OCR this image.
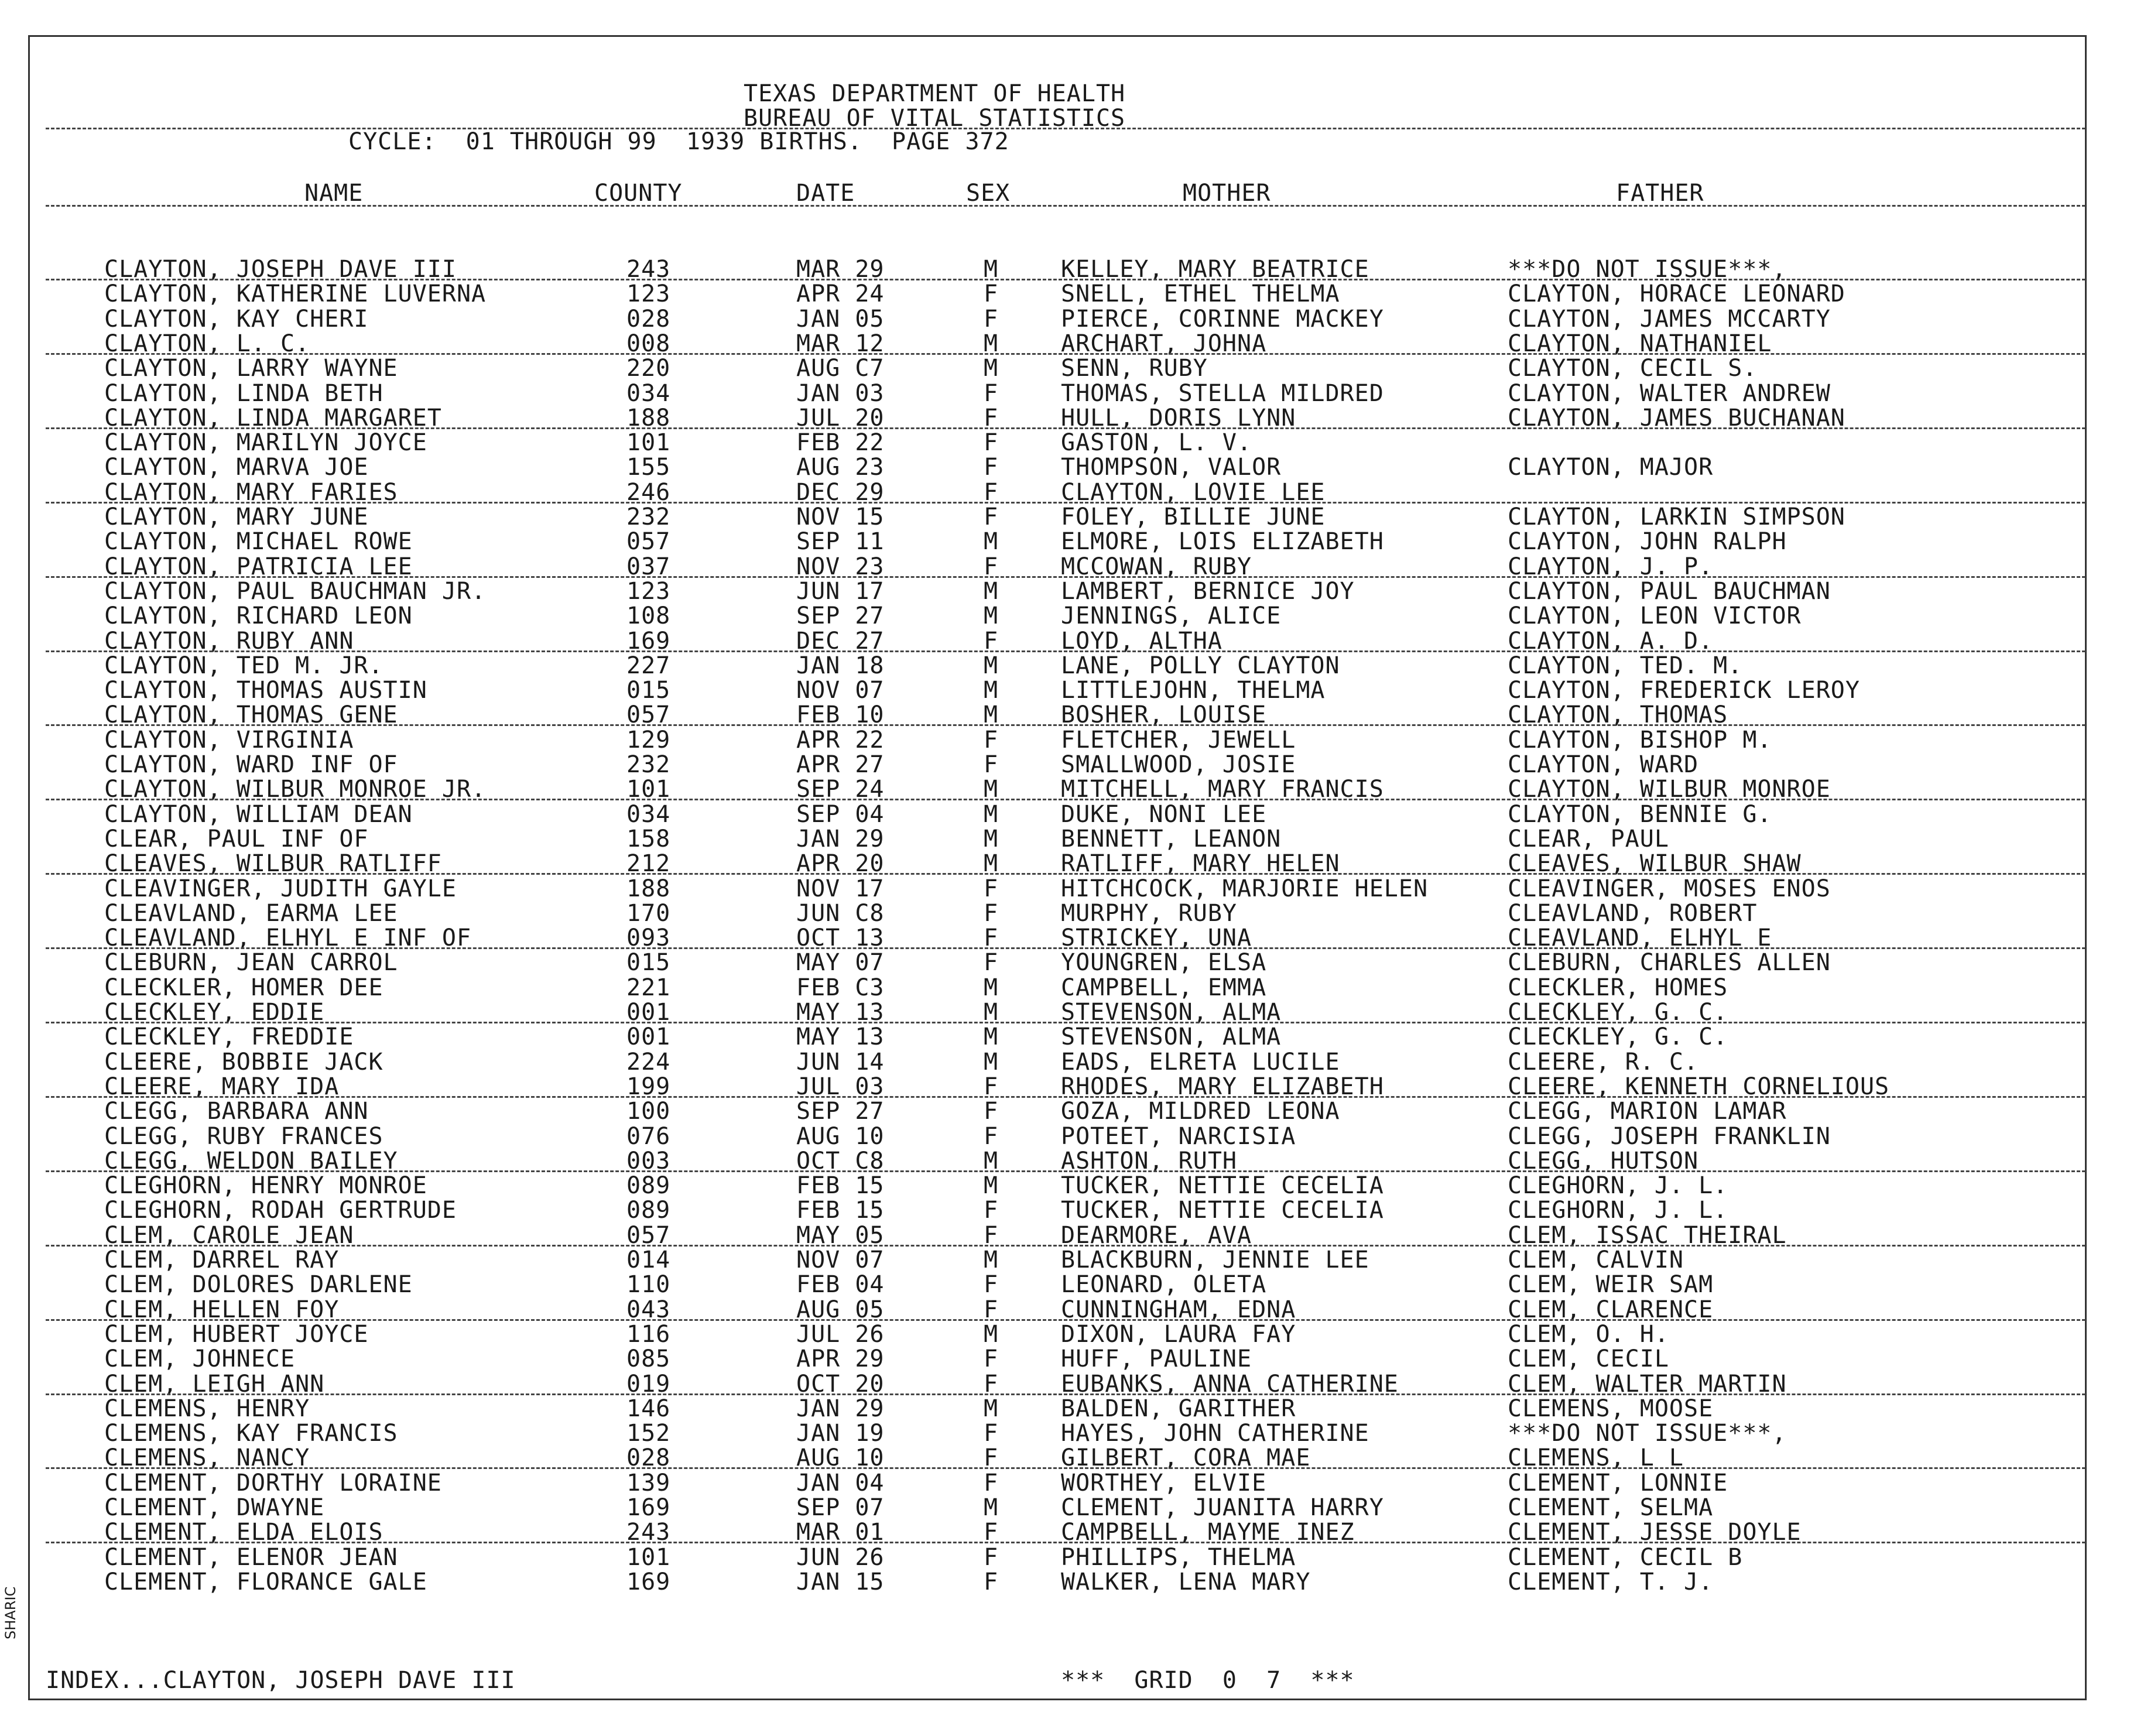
TEXAS DEPARTMENT OF HEALTH
BUREAU OF VITAL STATISTICS
CYCLE:  01 THROUGH 99  1939 BIRTHS.  PAGE 372
NAME	COUNTY	DATE	SEX	MOTHER	FATHER
CLAYTON, JOSEPH DAVE III	243	MAR 29	M	KELLEY, MARY BEATRICE	***DO NOT ISSUE***,
CLAYTON, KATHERINE LUVERNA	123	APR 24	F	SNELL, ETHEL THELMA	CLAYTON, HORACE LEONARD
CLAYTON, KAY CHERI	028	JAN 05	F	PIERCE, CORINNE MACKEY	CLAYTON, JAMES MCCARTY
CLAYTON, L. C.	008	MAR 12	M	ARCHART, JOHNA	CLAYTON, NATHANIEL
CLAYTON, LARRY WAYNE	220	AUG C7	M	SENN, RUBY	CLAYTON, CECIL S.
CLAYTON, LINDA BETH	034	JAN 03	F	THOMAS, STELLA MILDRED	CLAYTON, WALTER ANDREW
CLAYTON, LINDA MARGARET	188	JUL 20	F	HULL, DORIS LYNN	CLAYTON, JAMES BUCHANAN
CLAYTON, MARILYN JOYCE	101	FEB 22	F	GASTON, L. V.
CLAYTON, MARVA JOE	155	AUG 23	F	THOMPSON, VALOR	CLAYTON, MAJOR
CLAYTON, MARY FARIES	246	DEC 29	F	CLAYTON, LOVIE LEE
CLAYTON, MARY JUNE	232	NOV 15	F	FOLEY, BILLIE JUNE	CLAYTON, LARKIN SIMPSON
CLAYTON, MICHAEL ROWE	057	SEP 11	M	ELMORE, LOIS ELIZABETH	CLAYTON, JOHN RALPH
CLAYTON, PATRICIA LEE	037	NOV 23	F	MCCOWAN, RUBY	CLAYTON, J. P.
CLAYTON, PAUL BAUCHMAN JR.	123	JUN 17	M	LAMBERT, BERNICE JOY	CLAYTON, PAUL BAUCHMAN
CLAYTON, RICHARD LEON	108	SEP 27	M	JENNINGS, ALICE	CLAYTON, LEON VICTOR
CLAYTON, RUBY ANN	169	DEC 27	F	LOYD, ALTHA	CLAYTON, A. D.
CLAYTON, TED M. JR.	227	JAN 18	M	LANE, POLLY CLAYTON	CLAYTON, TED. M.
CLAYTON, THOMAS AUSTIN	015	NOV 07	M	LITTLEJOHN, THELMA	CLAYTON, FREDERICK LEROY
CLAYTON, THOMAS GENE	057	FEB 10	M	BOSHER, LOUISE	CLAYTON, THOMAS
CLAYTON, VIRGINIA	129	APR 22	F	FLETCHER, JEWELL	CLAYTON, BISHOP M.
CLAYTON, WARD INF OF	232	APR 27	F	SMALLWOOD, JOSIE	CLAYTON, WARD
CLAYTON, WILBUR MONROE JR.	101	SEP 24	M	MITCHELL, MARY FRANCIS	CLAYTON, WILBUR MONROE
CLAYTON, WILLIAM DEAN	034	SEP 04	M	DUKE, NONI LEE	CLAYTON, BENNIE G.
CLEAR, PAUL INF OF	158	JAN 29	M	BENNETT, LEANON	CLEAR, PAUL
CLEAVES, WILBUR RATLIFF	212	APR 20	M	RATLIFF, MARY HELEN	CLEAVES, WILBUR SHAW
CLEAVINGER, JUDITH GAYLE	188	NOV 17	F	HITCHCOCK, MARJORIE HELEN	CLEAVINGER, MOSES ENOS
CLEAVLAND, EARMA LEE	170	JUN C8	F	MURPHY, RUBY	CLEAVLAND, ROBERT
CLEAVLAND, ELHYL E INF OF	093	OCT 13	F	STRICKEY, UNA	CLEAVLAND, ELHYL E
CLEBURN, JEAN CARROL	015	MAY 07	F	YOUNGREN, ELSA	CLEBURN, CHARLES ALLEN
CLECKLER, HOMER DEE	221	FEB C3	M	CAMPBELL, EMMA	CLECKLER, HOMES
CLECKLEY, EDDIE	001	MAY 13	M	STEVENSON, ALMA	CLECKLEY, G. C.
CLECKLEY, FREDDIE	001	MAY 13	M	STEVENSON, ALMA	CLECKLEY, G. C.
CLEERE, BOBBIE JACK	224	JUN 14	M	EADS, ELRETA LUCILE	CLEERE, R. C.
CLEERE, MARY IDA	199	JUL 03	F	RHODES, MARY ELIZABETH	CLEERE, KENNETH CORNELIOUS
CLEGG, BARBARA ANN	100	SEP 27	F	GOZA, MILDRED LEONA	CLEGG, MARION LAMAR
CLEGG, RUBY FRANCES	076	AUG 10	F	POTEET, NARCISIA	CLEGG, JOSEPH FRANKLIN
CLEGG, WELDON BAILEY	003	OCT C8	M	ASHTON, RUTH	CLEGG, HUTSON
CLEGHORN, HENRY MONROE	089	FEB 15	M	TUCKER, NETTIE CECELIA	CLEGHORN, J. L.
CLEGHORN, RODAH GERTRUDE	089	FEB 15	F	TUCKER, NETTIE CECELIA	CLEGHORN, J. L.
CLEM, CAROLE JEAN	057	MAY 05	F	DEARMORE, AVA	CLEM, ISSAC THEIRAL
CLEM, DARREL RAY	014	NOV 07	M	BLACKBURN, JENNIE LEE	CLEM, CALVIN
CLEM, DOLORES DARLENE	110	FEB 04	F	LEONARD, OLETA	CLEM, WEIR SAM
CLEM, HELLEN FOY	043	AUG 05	F	CUNNINGHAM, EDNA	CLEM, CLARENCE
CLEM, HUBERT JOYCE	116	JUL 26	M	DIXON, LAURA FAY	CLEM, O. H.
CLEM, JOHNECE	085	APR 29	F	HUFF, PAULINE	CLEM, CECIL
CLEM, LEIGH ANN	019	OCT 20	F	EUBANKS, ANNA CATHERINE	CLEM, WALTER MARTIN
CLEMENS, HENRY	146	JAN 29	M	BALDEN, GARITHER	CLEMENS, MOOSE
CLEMENS, KAY FRANCIS	152	JAN 19	F	HAYES, JOHN CATHERINE	***DO NOT ISSUE***,
CLEMENS, NANCY	028	AUG 10	F	GILBERT, CORA MAE	CLEMENS, L L
CLEMENT, DORTHY LORAINE	139	JAN 04	F	WORTHEY, ELVIE	CLEMENT, LONNIE
CLEMENT, DWAYNE	169	SEP 07	M	CLEMENT, JUANITA HARRY	CLEMENT, SELMA
CLEMENT, ELDA ELOIS	243	MAR 01	F	CAMPBELL, MAYME INEZ	CLEMENT, JESSE DOYLE
CLEMENT, ELENOR JEAN	101	JUN 26	F	PHILLIPS, THELMA	CLEMENT, CECIL B
CLEMENT, FLORANCE GALE	169	JAN 15	F	WALKER, LENA MARY	CLEMENT, T. J.
INDEX...CLAYTON, JOSEPH DAVE III	***  GRID  0  7  ***
SHARIC
